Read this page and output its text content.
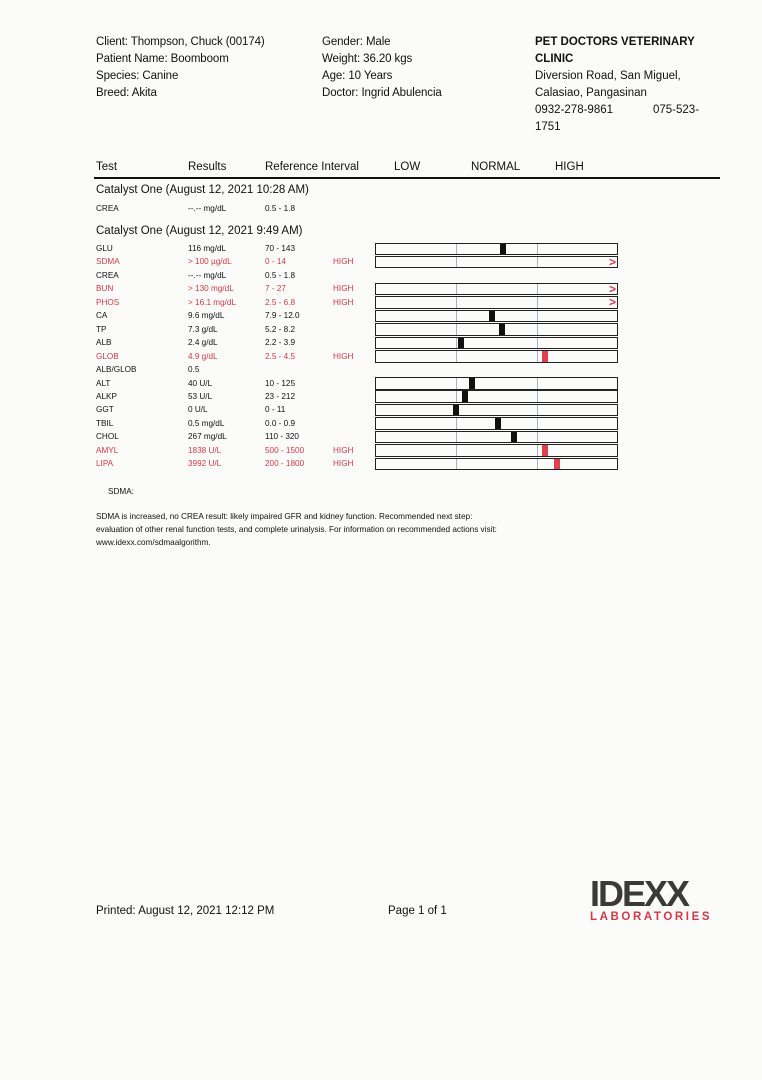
Client: Thompson, Chuck (00174)
Patient Name: Boomboom
Species: Canine
Breed: Akita
Gender: Male
Weight: 36.20 kgs
Age: 10 Years
Doctor: Ingrid Abulencia
PET DOCTORS VETERINARY
CLINIC
Diversion Road, San Miguel,
Calasiao, Pangasinan
0932-278-9861	075-523-
1751
Test	Results	Reference Interval	LOW	NORMAL	HIGH
Catalyst One (August 12, 2021 10:28 AM)
CREA	--.-- mg/dL	0.5 - 1.8
Catalyst One (August 12, 2021 9:49 AM)
GLU	116 mg/dL	70 - 143
SDMA	> 100 µg/dL	0 - 14	HIGH	>
CREA	--.-- mg/dL	0.5 - 1.8
BUN	> 130 mg/dL	7 - 27	HIGH	>
PHOS	> 16.1 mg/dL	2.5 - 6.8	HIGH	>
CA	9.6 mg/dL	7.9 - 12.0
TP	7.3 g/dL	5.2 - 8.2
ALB	2.4 g/dL	2.2 - 3.9
GLOB	4.9 g/dL	2.5 - 4.5	HIGH
ALB/GLOB	0.5
ALT	40 U/L	10 - 125
ALKP	53 U/L	23 - 212
GGT	0 U/L	0 - 11
TBIL	0.5 mg/dL	0.0 - 0.9
CHOL	267 mg/dL	110 - 320
AMYL	1838 U/L	500 - 1500	HIGH
LIPA	3992 U/L	200 - 1800	HIGH
SDMA:
SDMA is increased, no CREA result: likely impaired GFR and kidney function. Recommended next step:
evaluation of other renal function tests, and complete urinalysis. For information on recommended actions visit:
www.idexx.com/sdmaalgorithm.
Printed: August 12, 2021 12:12 PM	Page 1 of 1	IDEXX
LABORATORIES
